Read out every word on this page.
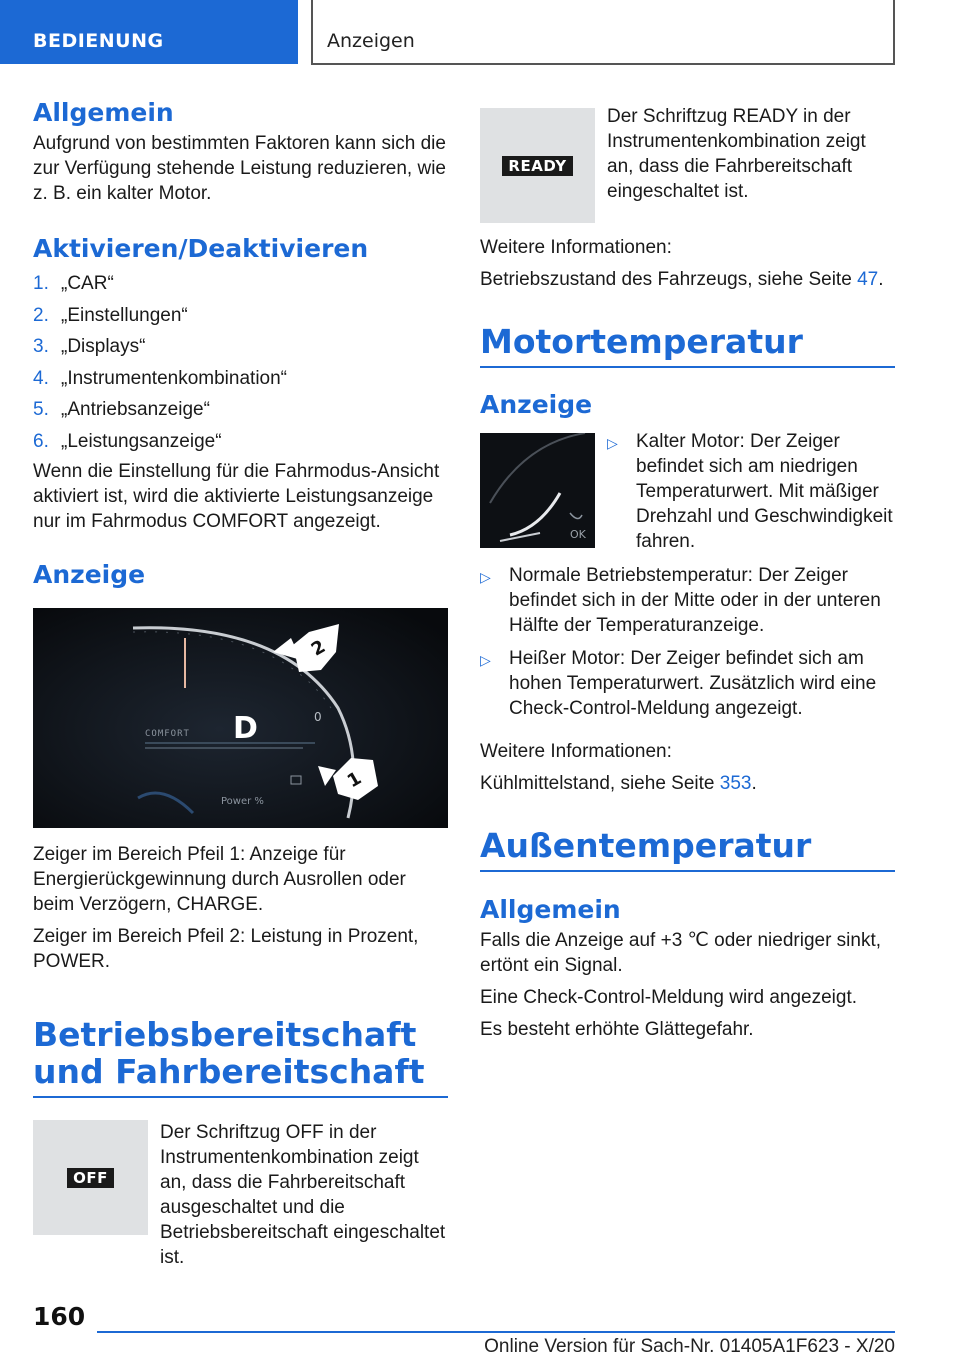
BEDIENUNG	Anzeigen
Allgemein

Aufgrund von bestimmten Faktoren kann sich die zur Verfügung stehende Leistung reduzieren, wie z. B. ein kalter Motor.

Aktivieren/Deaktivieren
1. „CAR“
2. „Einstellungen“
3. „Displays“
4. „Instrumentenkombination“
5. „Antriebsanzeige“
6. „Leistungsanzeige“

Wenn die Einstellung für die Fahrmodus-Ansicht aktiviert ist, wird die aktivierte Leistungsanzeige nur im Fahrmodus COMFORT angezeigt.

Anzeige
D
COMFORT
Power %
0
2
1

Zeiger im Bereich Pfeil 1: Anzeige für Energierückgewinnung durch Ausrollen oder beim Verzögern, CHARGE.

Zeiger im Bereich Pfeil 2: Leistung in Prozent, POWER.

Betriebsbereitschaft und Fahrbereitschaft
OFF

Der Schriftzug OFF in der Instrumentenkombination zeigt an, dass die Fahrbereitschaft ausgeschaltet und die Betriebsbereitschaft eingeschaltet ist.

READY

Der Schriftzug READY in der Instrumentenkombination zeigt an, dass die Fahrbereitschaft eingeschaltet ist.

Weitere Informationen:

Betriebszustand des Fahrzeugs, siehe Seite 47.

Motortemperatur
Anzeige
OK
▷ Kalter Motor: Der Zeiger befindet sich am niedrigen Temperaturwert. Mit mäßiger Drehzahl und Geschwindigkeit fahren.
▷ Normale Betriebstemperatur: Der Zeiger befindet sich in der Mitte oder in der unteren Hälfte der Temperaturanzeige.
▷ Heißer Motor: Der Zeiger befindet sich am hohen Temperaturwert. Zusätzlich wird eine Check-Control-Meldung angezeigt.

Weitere Informationen:

Kühlmittelstand, siehe Seite 353.

Außentemperatur
Allgemein

Falls die Anzeige auf +3 ℃ oder niedriger sinkt, ertönt ein Signal.

Eine Check-Control-Meldung wird angezeigt.

Es besteht erhöhte Glättegefahr.

160
Online Version für Sach-Nr. 01405A1F623 - X/20
